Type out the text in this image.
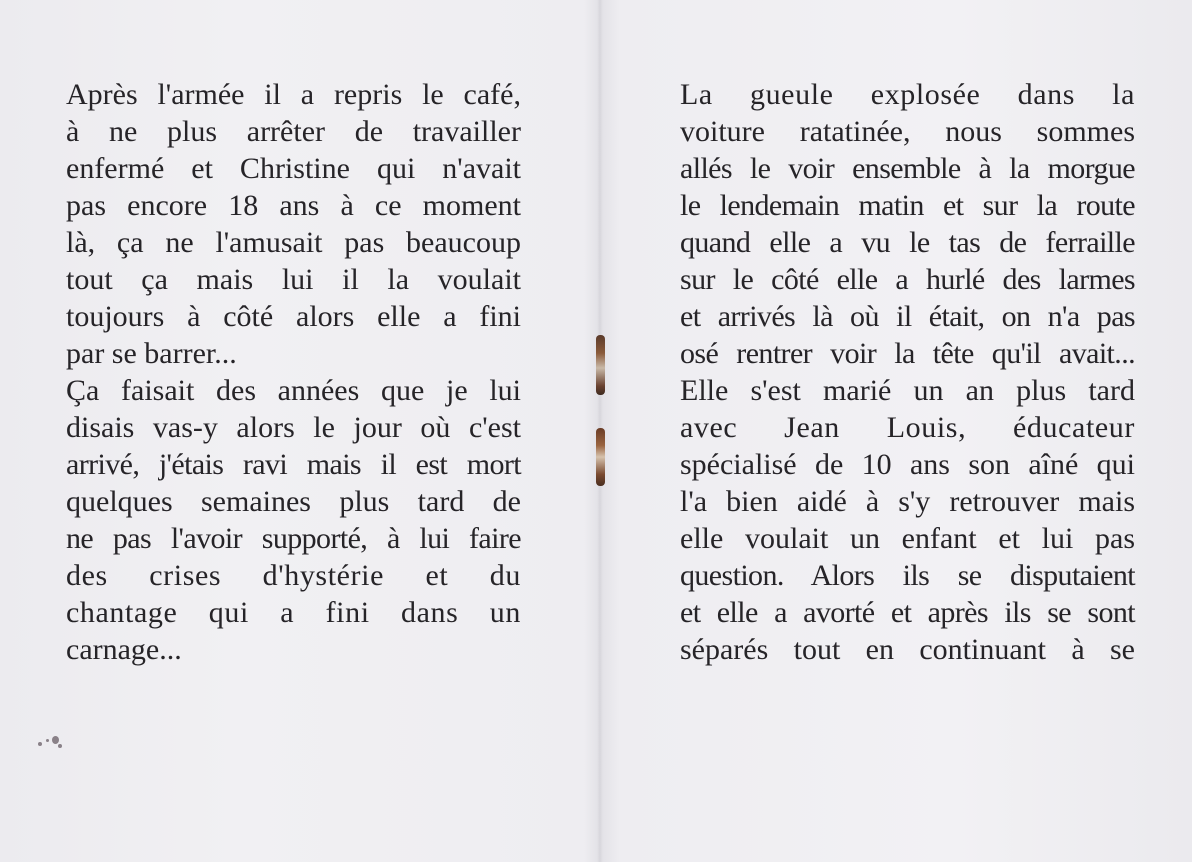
Après l'armée il a repris le café,
à ne plus arrêter de travailler
enfermé et Christine qui n'avait
pas encore 18 ans à ce moment
là, ça ne l'amusait pas beaucoup
tout ça mais lui il la voulait
toujours à côté alors elle a fini
par se barrer...
Ça faisait des années que je lui
disais vas-y alors le jour où c'est
arrivé, j'étais ravi mais il est mort
quelques semaines plus tard de
ne pas l'avoir supporté, à lui faire
des crises d'hystérie et du
chantage qui a fini dans un
carnage...
La gueule explosée dans la
voiture ratatinée, nous sommes
allés le voir ensemble à la morgue
le lendemain matin et sur la route
quand elle a vu le tas de ferraille
sur le côté elle a hurlé des larmes
et arrivés là où il était, on n'a pas
osé rentrer voir la tête qu'il avait...
Elle s'est marié un an plus tard
avec Jean Louis, éducateur
spécialisé de 10 ans son aîné qui
l'a bien aidé à s'y retrouver mais
elle voulait un enfant et lui pas
question. Alors ils se disputaient
et elle a avorté et après ils se sont
séparés tout en continuant à se
